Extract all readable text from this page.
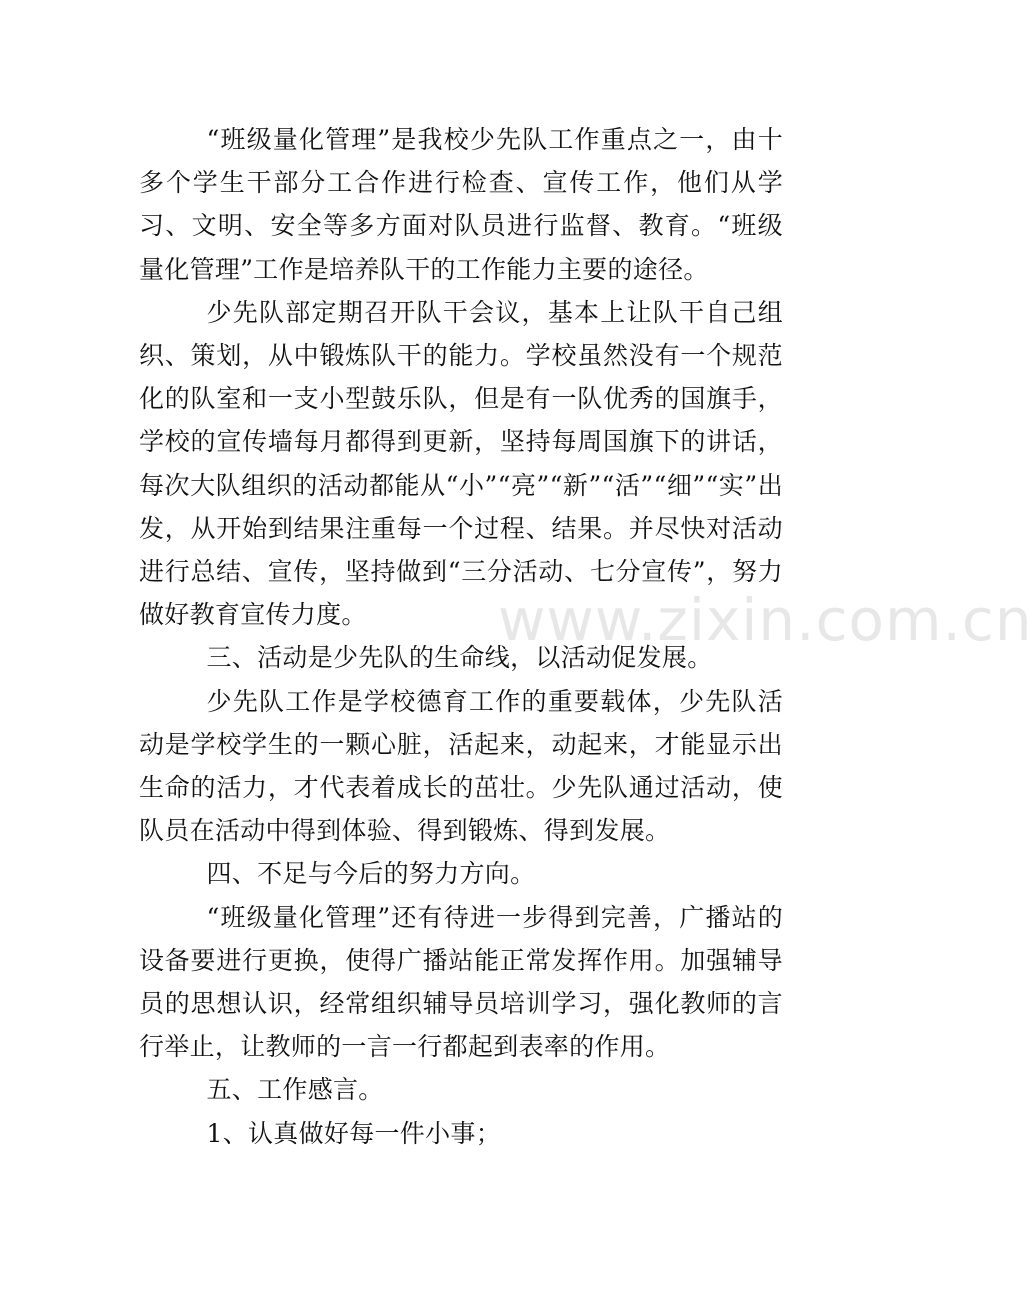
“班级量化管理”是我校少先队工作重点之一，由十多个学生干部分工合作进行检查、宣传工作，他们从学习、文明、安全等多方面对队员进行监督、教育。“班级量化管理”工作是培养队干的工作能力主要的途径。

少先队部定期召开队干会议，基本上让队干自己组织、策划，从中锻炼队干的能力。学校虽然没有一个规范化的队室和一支小型鼓乐队，但是有一队优秀的国旗手，学校的宣传墙每月都得到更新，坚持每周国旗下的讲话，每次大队组织的活动都能从“小”“亮”“新”“活”“细”“实”出发，从开始到结果注重每一个过程、结果。并尽快对活动进行总结、宣传，坚持做到“三分活动、七分宣传”，努力做好教育宣传力度。

三、活动是少先队的生命线，以活动促发展。

少先队工作是学校德育工作的重要载体，少先队活动是学校学生的一颗心脏，活起来，动起来，才能显示出生命的活力，才代表着成长的茁壮。少先队通过活动，使队员在活动中得到体验、得到锻炼、得到发展。

四、不足与今后的努力方向。

“班级量化管理”还有待进一步得到完善，广播站的设备要进行更换，使得广播站能正常发挥作用。加强辅导员的思想认识，经常组织辅导员培训学习，强化教师的言行举止，让教师的一言一行都起到表率的作用。

五、工作感言。

1、认真做好每一件小事；

www.zixin.com.cn
